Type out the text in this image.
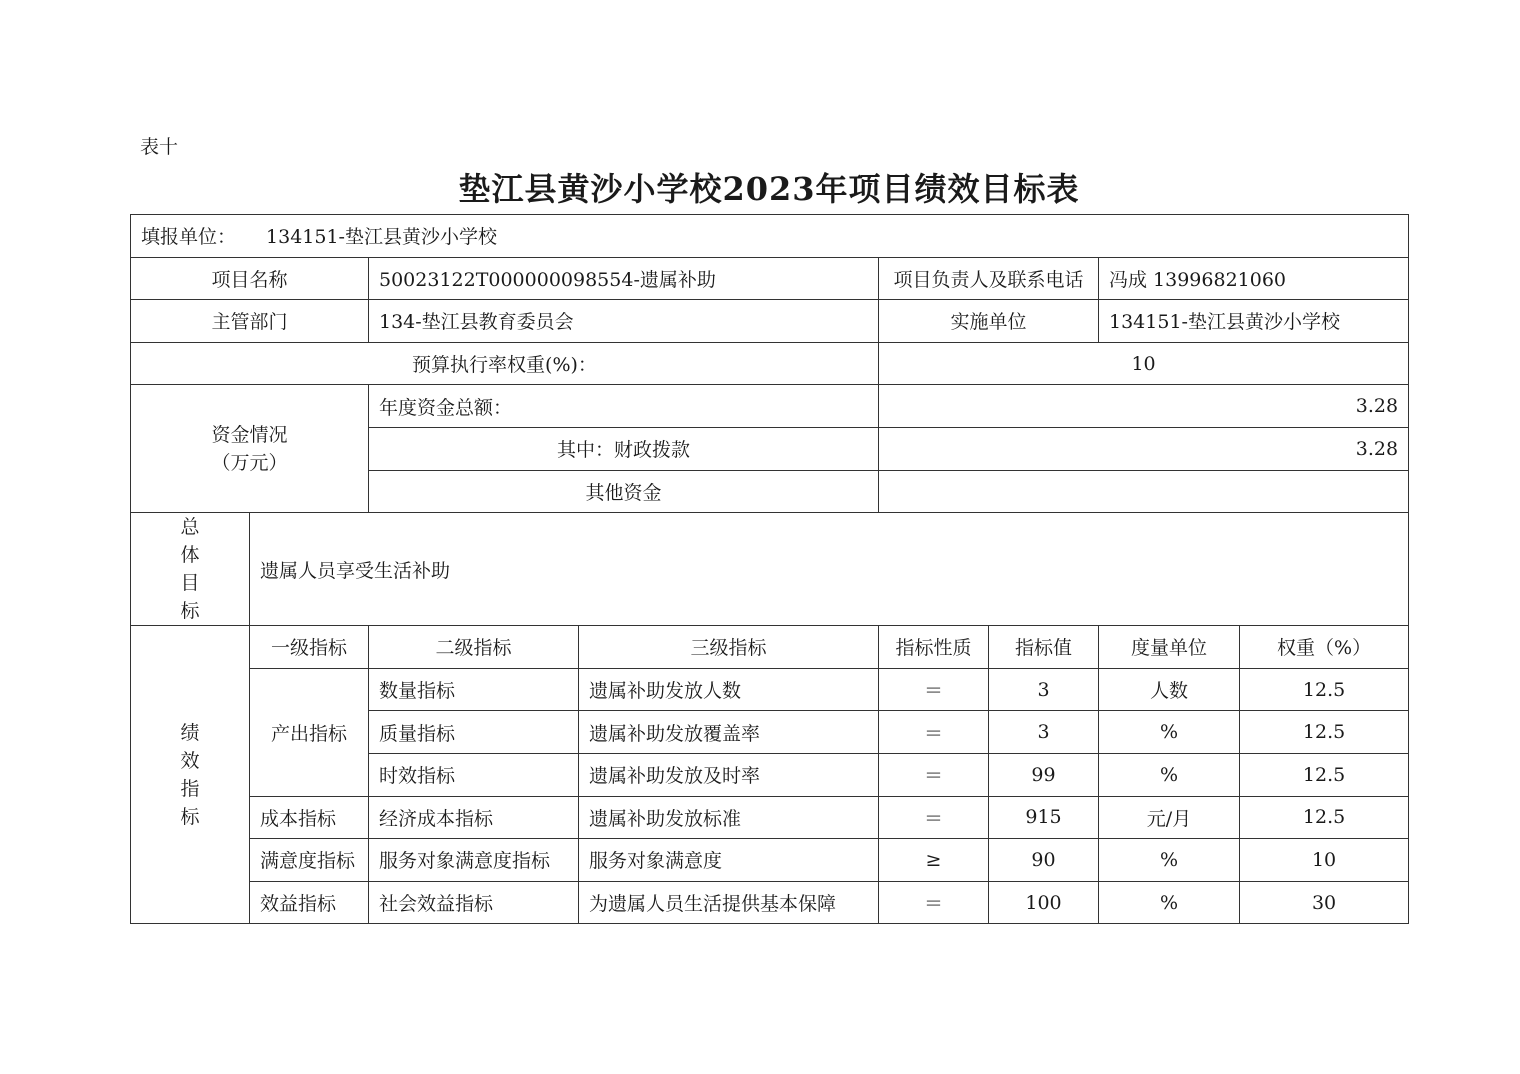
表十
垫江县黄沙小学校2023年项目绩效目标表
填报单位： 134151-垫江县黄沙小学校							
项目名称		50023122T000000098554-遗属补助		项目负责人及联系电话		冯成 13996821060	
主管部门		134-垫江县教育委员会		实施单位		134151-垫江县黄沙小学校	
预算执行率权重(%)：				10			

资金情况
（万元）		年度资金总额：		3.28			
		其中：财政拨款		3.28			
		其他资金					

总体目标	遗属人员享受生活补助						

绩效指标	一级指标	二级指标	三级指标	指标性质	指标值	度量单位	权重（%）
	产出指标	数量指标	遗属补助发放人数	＝	3	人数	12.5
		质量指标	遗属补助发放覆盖率	＝	3	%	12.5
		时效指标	遗属补助发放及时率	＝	99	%	12.5
	成本指标	经济成本指标	遗属补助发放标准	＝	915	元/月	12.5
	满意度指标	服务对象满意度指标	服务对象满意度	≥	90	%	10
	效益指标	社会效益指标	为遗属人员生活提供基本保障	＝	100	%	30
